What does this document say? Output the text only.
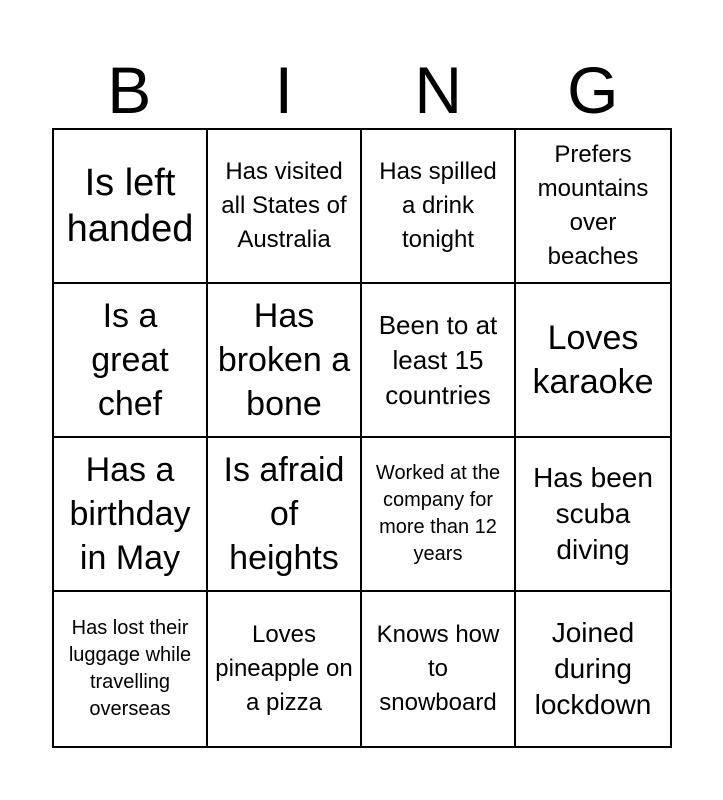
B	I	N	G
Is left handed
Has visited all States of Australia
Has spilled a drink tonight
Prefers mountains over beaches
Is a great chef
Has broken a bone
Been to at least 15 countries
Loves karaoke
Has a birthday in May
Is afraid of heights
Worked at the company for more than 12 years
Has been scuba diving
Has lost their luggage while travelling overseas
Loves pineapple on a pizza
Knows how to snowboard
Joined during lockdown
